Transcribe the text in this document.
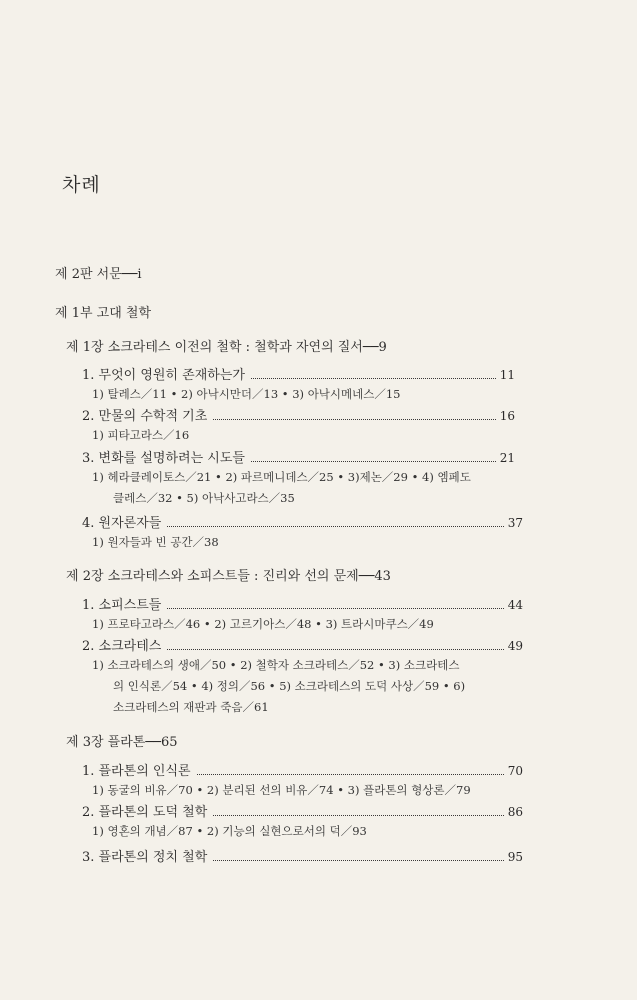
차례
제 2판 서문──i
제 1부 고대 철학
제 1장 소크라테스 이전의 철학 : 철학과 자연의 질서──9
1. 무엇이 영원히 존재하는가	11
1) 탈레스／11 • 2) 아낙시만더／13 • 3) 아낙시메네스／15
2. 만물의 수학적 기초	16
1) 피타고라스／16
3. 변화를 설명하려는 시도들	21
1) 헤라클레이토스／21 • 2) 파르메니데스／25 • 3)제논／29 • 4) 엠페도
클레스／32 • 5) 아낙사고라스／35
4. 원자론자들	37
1) 원자들과 빈 공간／38
제 2장 소크라테스와 소피스트들 : 진리와 선의 문제──43
1. 소피스트들	44
1) 프로타고라스／46 • 2) 고르기아스／48 • 3) 트라시마쿠스／49
2. 소크라테스	49
1) 소크라테스의 생애／50 • 2) 철학자 소크라테스／52 • 3) 소크라테스
의 인식론／54 • 4) 정의／56 • 5) 소크라테스의 도덕 사상／59 • 6)
소크라테스의 재판과 죽음／61
제 3장 플라톤──65
1. 플라톤의 인식론	70
1) 동굴의 비유／70 • 2) 분리된 선의 비유／74 • 3) 플라톤의 형상론／79
2. 플라톤의 도덕 철학	86
1) 영혼의 개념／87 • 2) 기능의 실현으로서의 덕／93
3. 플라톤의 정치 철학	95
